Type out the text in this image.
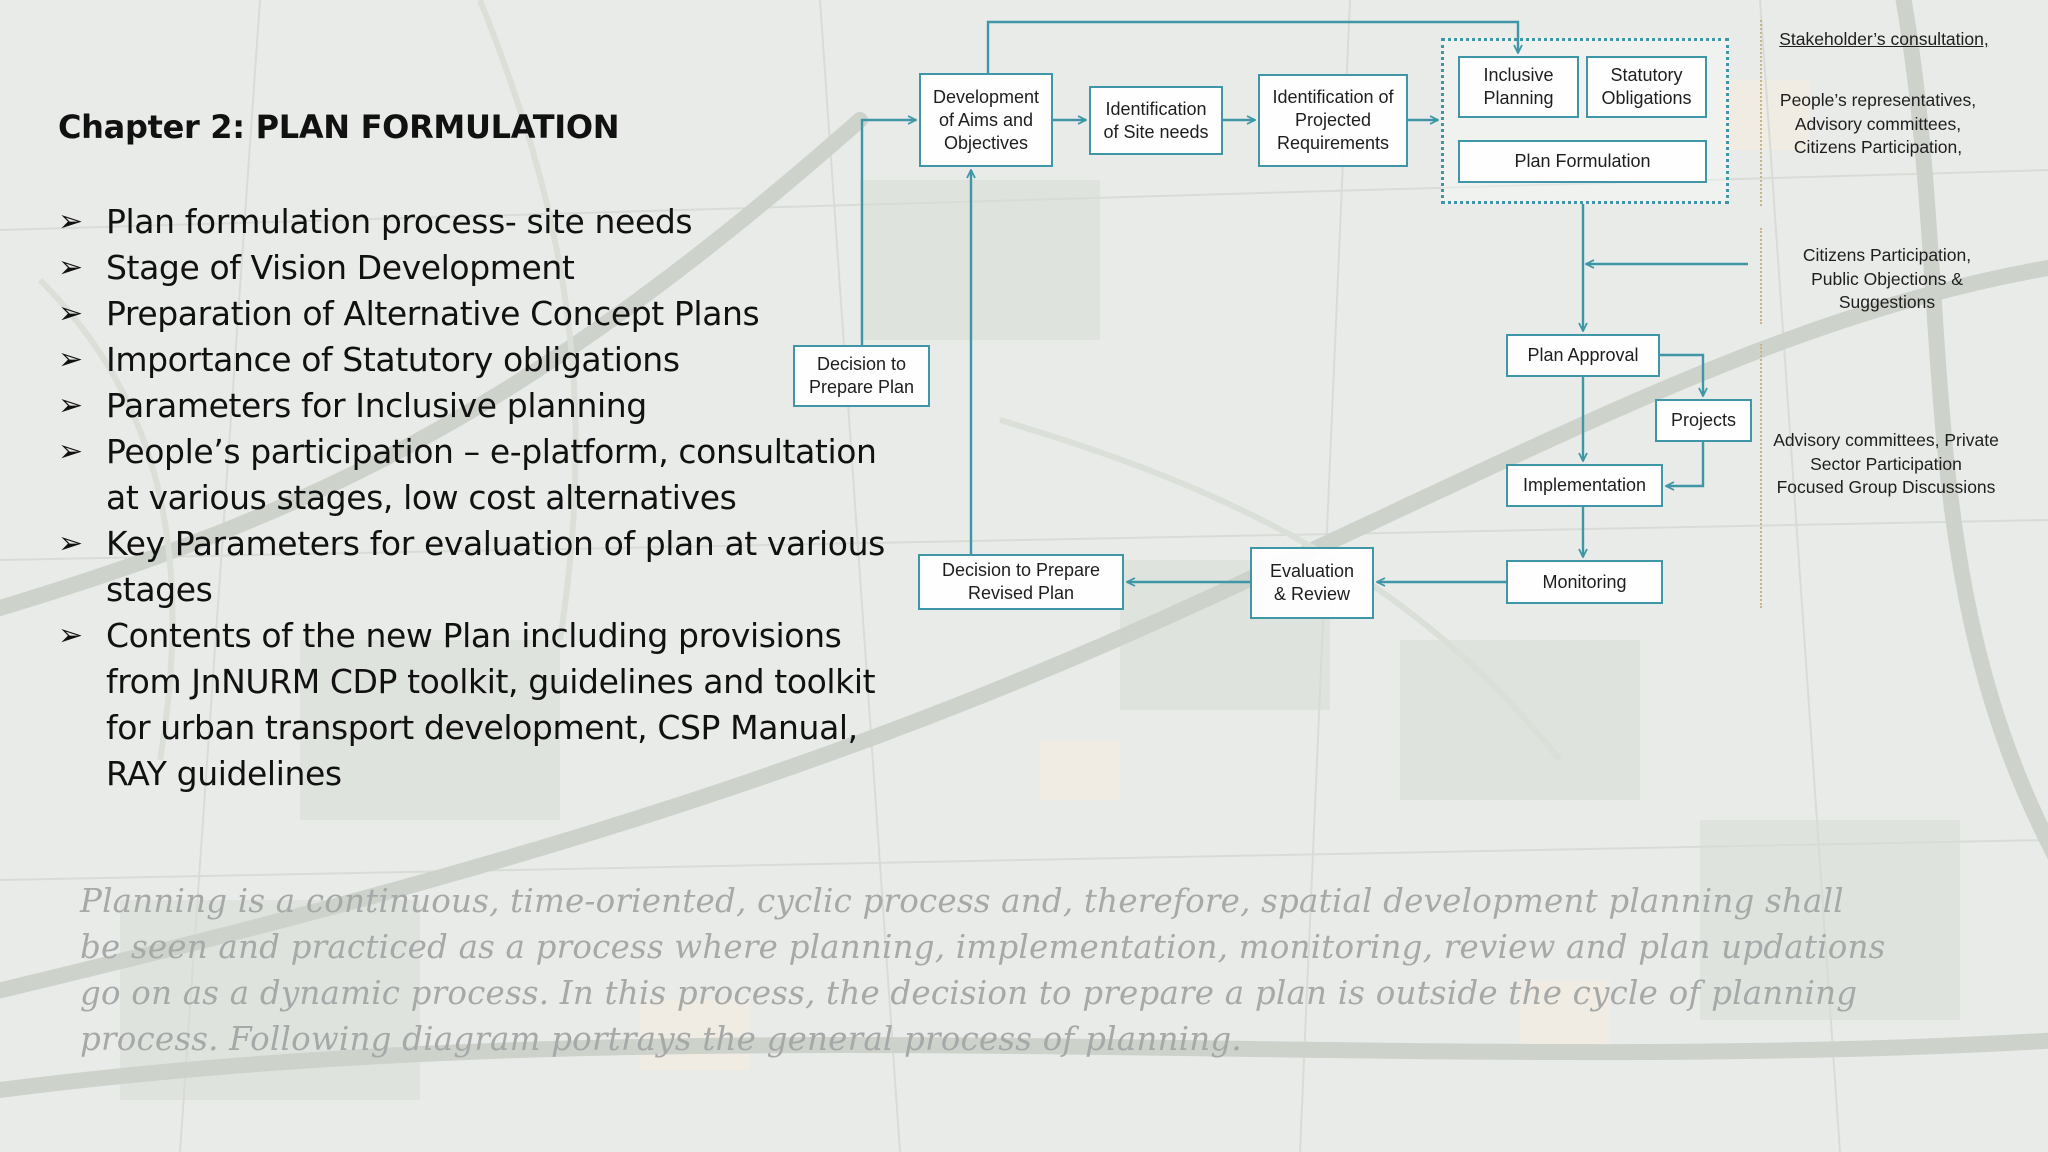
Chapter 2: PLAN FORMULATION
➢ Plan formulation process- site needs
➢ Stage of Vision Development
➢ Preparation of Alternative Concept Plans
➢ Importance of Statutory obligations
➢ Parameters for Inclusive planning
➢ People’s participation – e-platform, consultation at various stages, low cost alternatives
➢ Key Parameters for evaluation of plan at various stages
➢ Contents of the new Plan including provisions from JnNURM CDP toolkit, guidelines and toolkit for urban transport development, CSP Manual, RAY guidelines
Development
of Aims and
Objectives
Identification
of Site needs
Identification of
Projected
Requirements
Inclusive
Planning
Statutory
Obligations
Plan Formulation
Decision to
Prepare Plan
Plan Approval
Projects
Implementation
Monitoring
Evaluation
& Review
Decision to Prepare
Revised Plan
Stakeholder’s consultation,
People’s representatives,
Advisory committees,
Citizens Participation,
Citizens Participation,
Public Objections &
Suggestions
Advisory committees, Private
Sector Participation
Focused Group Discussions

Planning is a continuous, time-oriented, cyclic process and, therefore, spatial development planning shall

be seen and practiced as a process where planning, implementation, monitoring, review and plan updations

go on as a dynamic process. In this process, the decision to prepare a plan is outside the cycle of planning

process. Following diagram portrays the general process of planning.
